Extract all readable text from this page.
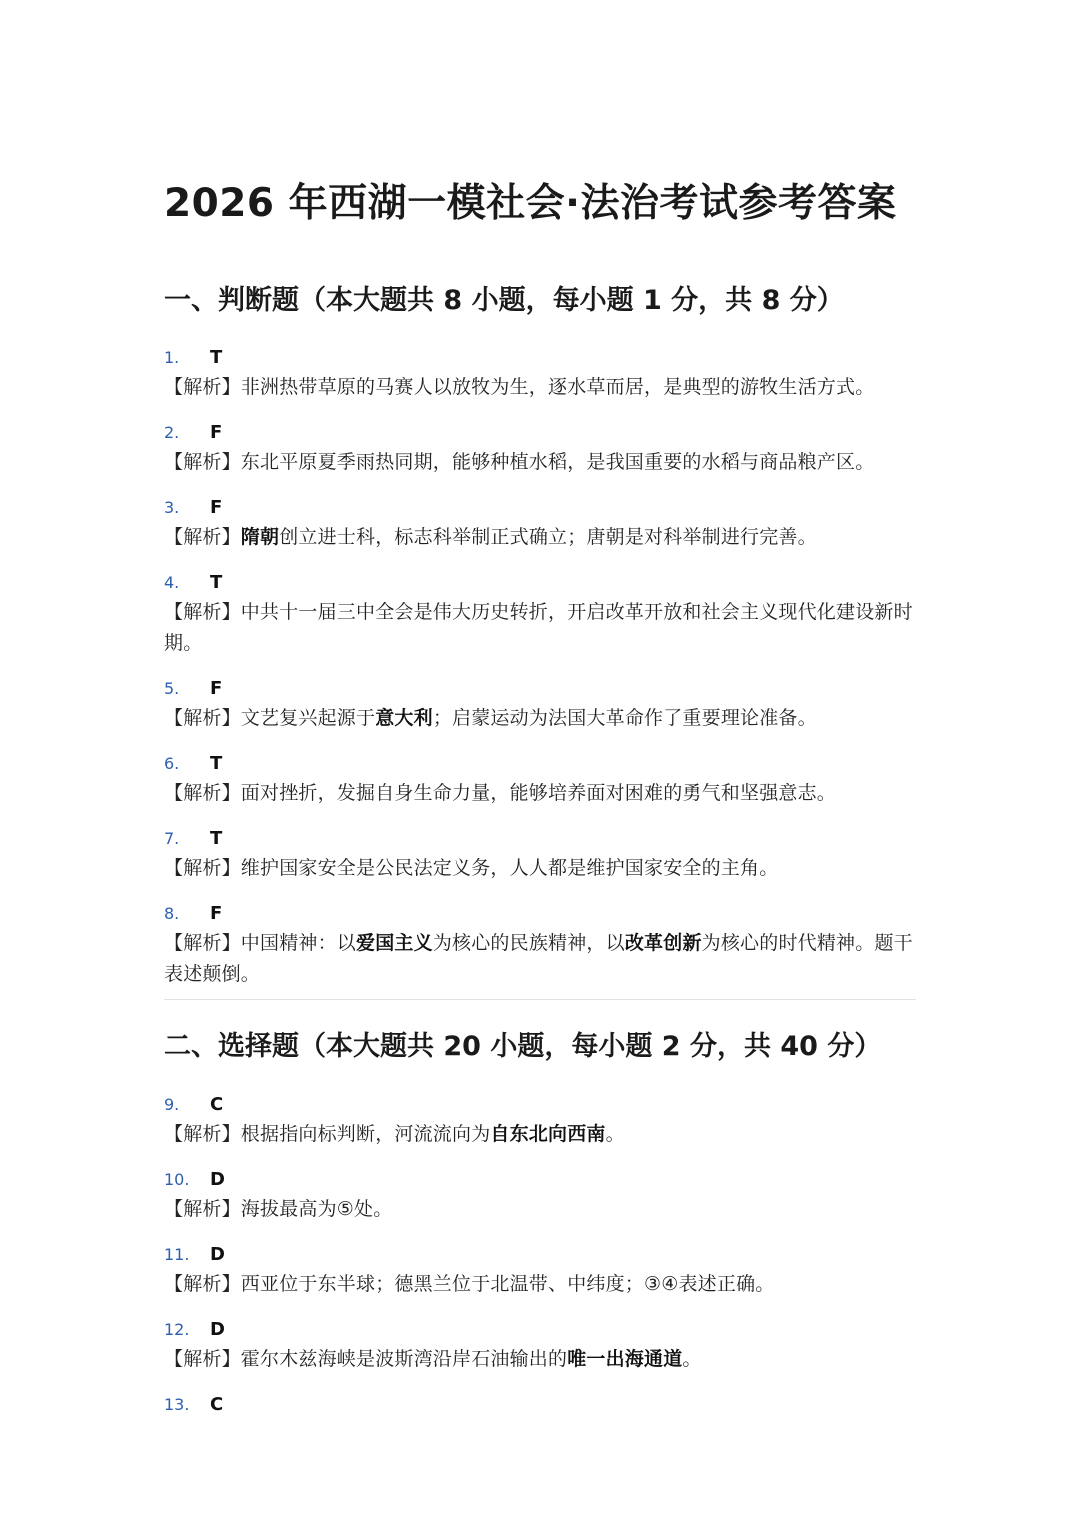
2026 年西湖一模社会·法治考试参考答案
一、判断题（本大题共 8 小题，每小题 1 分，共 8 分）
1.	T
【解析】非洲热带草原的马赛人以放牧为生，逐水草而居，是典型的游牧生活方式。
2.	F
【解析】东北平原夏季雨热同期，能够种植水稻，是我国重要的水稻与商品粮产区。
3.	F
【解析】隋朝创立进士科，标志科举制正式确立；唐朝是对科举制进行完善。
4.	T
【解析】中共十一届三中全会是伟大历史转折，开启改革开放和社会主义现代化建设新时期。
5.	F
【解析】文艺复兴起源于意大利；启蒙运动为法国大革命作了重要理论准备。
6.	T
【解析】面对挫折，发掘自身生命力量，能够培养面对困难的勇气和坚强意志。
7.	T
【解析】维护国家安全是公民法定义务，人人都是维护国家安全的主角。
8.	F
【解析】中国精神：以爱国主义为核心的民族精神，以改革创新为核心的时代精神。题干表述颠倒。
二、选择题（本大题共 20 小题，每小题 2 分，共 40 分）
9.	C
【解析】根据指向标判断，河流流向为自东北向西南。
10.	D
【解析】海拔最高为⑤处。
11.	D
【解析】西亚位于东半球；德黑兰位于北温带、中纬度；③④表述正确。
12.	D
【解析】霍尔木兹海峡是波斯湾沿岸石油输出的唯一出海通道。
13.	C
